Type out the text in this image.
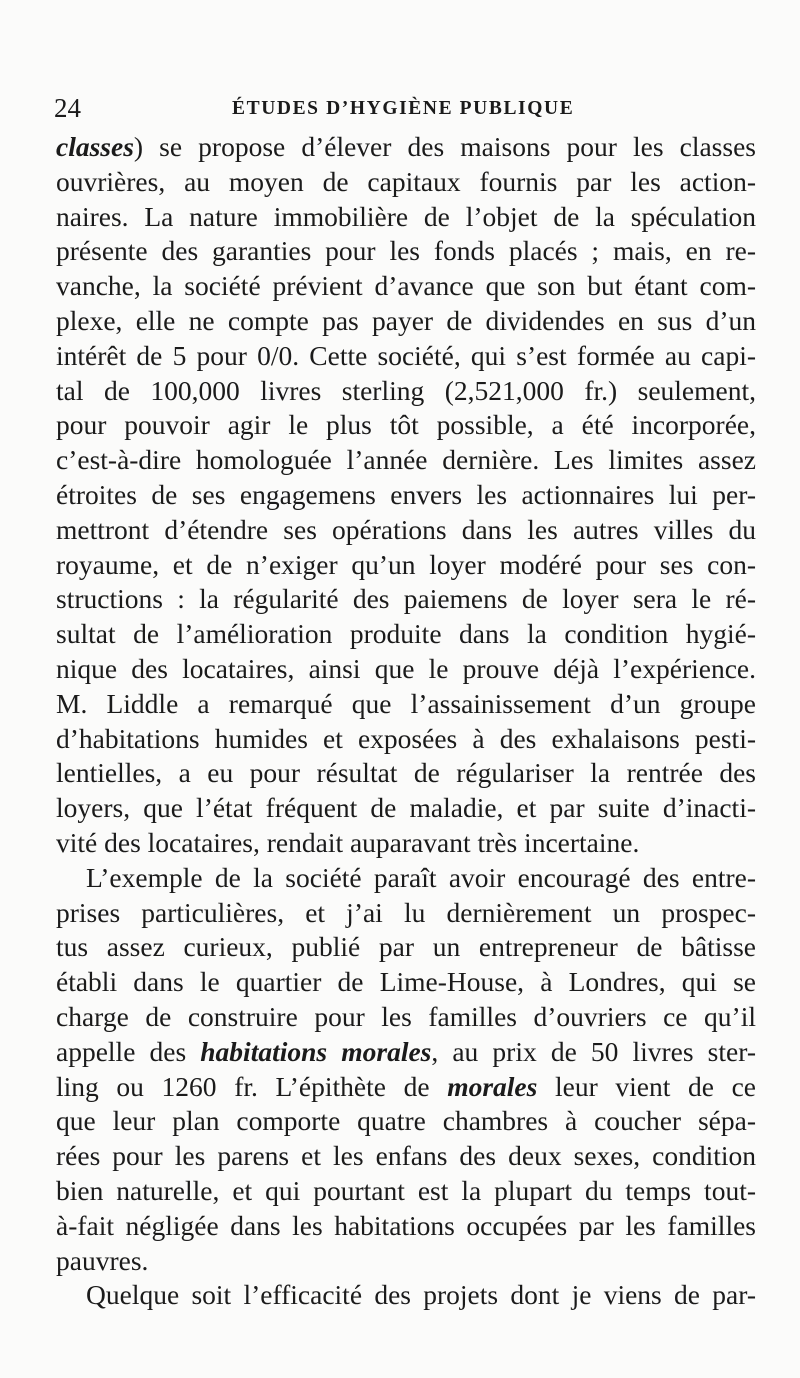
24	ÉTUDES D’HYGIÈNE PUBLIQUE
classes) se propose d’élever des maisons pour les classes
ouvrières, au moyen de capitaux fournis par les action-
naires. La nature immobilière de l’objet de la spéculation
présente des garanties pour les fonds placés ; mais, en re-
vanche, la société prévient d’avance que son but étant com-
plexe, elle ne compte pas payer de dividendes en sus d’un
intérêt de 5 pour 0/0. Cette société, qui s’est formée au capi-
tal de 100,000 livres sterling (2,521,000 fr.) seulement,
pour pouvoir agir le plus tôt possible, a été incorporée,
c’est-à-dire homologuée l’année dernière. Les limites assez
étroites de ses engagemens envers les actionnaires lui per-
mettront d’étendre ses opérations dans les autres villes du
royaume, et de n’exiger qu’un loyer modéré pour ses con-
structions : la régularité des paiemens de loyer sera le ré-
sultat de l’amélioration produite dans la condition hygié-
nique des locataires, ainsi que le prouve déjà l’expérience.
M. Liddle a remarqué que l’assainissement d’un groupe
d’habitations humides et exposées à des exhalaisons pesti-
lentielles, a eu pour résultat de régulariser la rentrée des
loyers, que l’état fréquent de maladie, et par suite d’inacti-
vité des locataires, rendait auparavant très incertaine.
L’exemple de la société paraît avoir encouragé des entre-
prises particulières, et j’ai lu dernièrement un prospec-
tus assez curieux, publié par un entrepreneur de bâtisse
établi dans le quartier de Lime-House, à Londres, qui se
charge de construire pour les familles d’ouvriers ce qu’il
appelle des habitations morales, au prix de 50 livres ster-
ling ou 1260 fr. L’épithète de morales leur vient de ce
que leur plan comporte quatre chambres à coucher sépa-
rées pour les parens et les enfans des deux sexes, condition
bien naturelle, et qui pourtant est la plupart du temps tout-
à-fait négligée dans les habitations occupées par les familles
pauvres.
Quelque soit l’efficacité des projets dont je viens de par-
